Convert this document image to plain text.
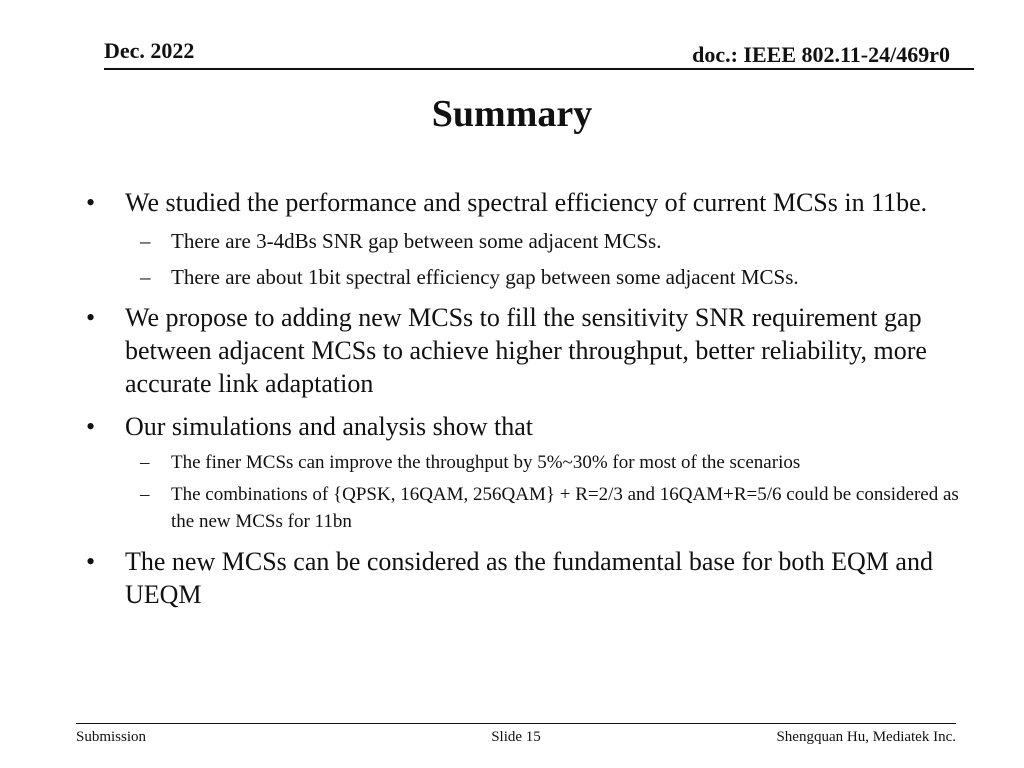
Dec. 2022	doc.: IEEE 802.11-24/469r0
Summary
• We studied the performance and spectral efficiency of current MCSs in 11be.
– There are 3-4dBs SNR gap between some adjacent MCSs.
– There are about 1bit spectral efficiency gap between some adjacent MCSs.
• We propose to adding new MCSs to fill the sensitivity SNR requirement gap between adjacent MCSs to achieve higher throughput, better reliability, more accurate link adaptation
• Our simulations and analysis show that
– The finer MCSs can improve the throughput by 5%~30% for most of the scenarios
– The combinations of {QPSK, 16QAM, 256QAM} + R=2/3 and 16QAM+R=5/6 could be considered as the new MCSs for 11bn
• The new MCSs can be considered as the fundamental base for both EQM and UEQM
Submission	Slide 15	Shengquan Hu, Mediatek Inc.
